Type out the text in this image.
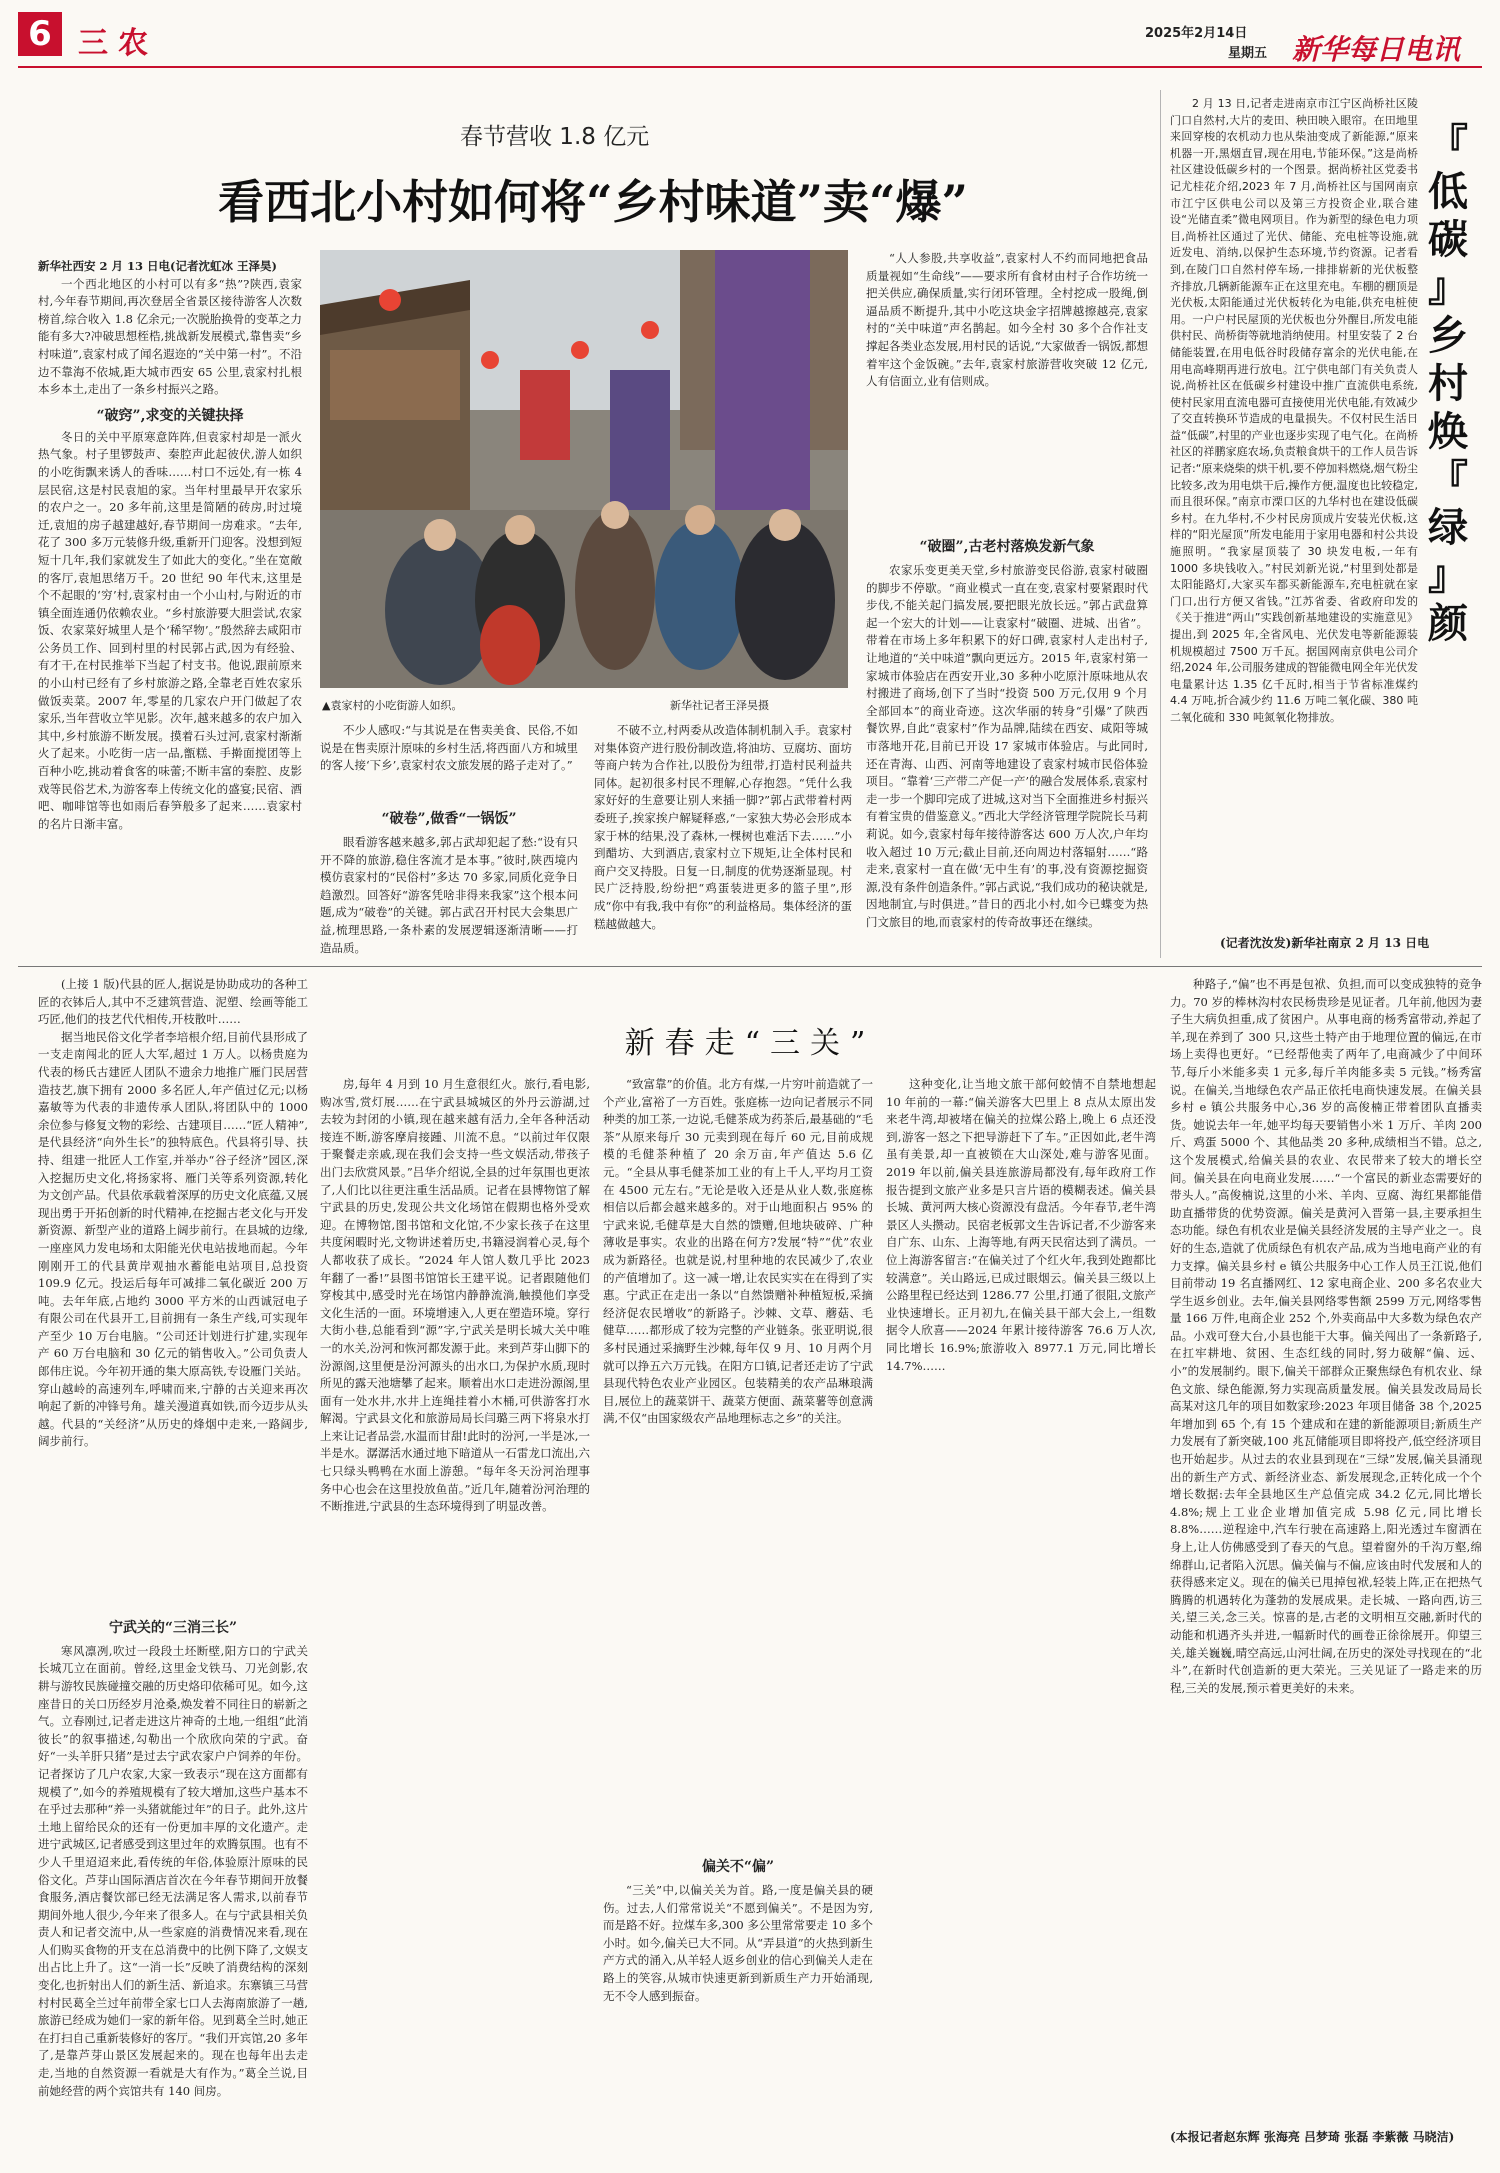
6 三农	2025年2月14日
星期五 新华每日电讯
春节营收 1.8 亿元
看西北小村如何将“乡村味道”卖“爆”
新华社西安 2 月 13 日电(记者沈虹冰 王泽昊)
一个西北地区的小村可以有多“热”?陕西,袁家村,今年春节期间,再次登居全省景区接待游客人次数榜首,综合收入 1.8 亿余元;一次脱胎换骨的变革之力能有多大?冲破思想桎梏,挑战新发展模式,靠售卖“乡村味道”,袁家村成了闻名遐迩的“关中第一村”。不沿边不靠海不依城,距大城市西安 65 公里,袁家村扎根本乡本土,走出了一条乡村振兴之路。
“破窍”,求变的关键抉择
冬日的关中平原寒意阵阵,但袁家村却是一派火热气象。村子里锣鼓声、秦腔声此起彼伏,游人如织的小吃街飘来诱人的香味……村口不远处,有一栋 4 层民宿,这是村民袁旭的家。当年村里最早开农家乐的农户之一。20 多年前,这里是简陋的砖房,时过境迁,袁旭的房子越建越好,春节期间一房难求。“去年,花了 300 多万元装修升级,重新开门迎客。没想到短短十几年,我们家就发生了如此大的变化。”坐在宽敞的客厅,袁旭思绪万千。20 世纪 90 年代末,这里是个不起眼的‘穷’村,袁家村由一个小山村,与附近的市镇全面连通仍依赖农业。“乡村旅游要大胆尝试,农家饭、农家菜好城里人是个‘稀罕物’。”殷然辞去咸阳市公务员工作、回到村里的村民郭占武,因为有经验、有才干,在村民推举下当起了村支书。他说,跟前原来的小山村已经有了乡村旅游之路,全靠老百姓农家乐做饭卖菜。2007 年,零星的几家农户开门做起了农家乐,当年营收立竿见影。次年,越来越多的农户加入其中,乡村旅游不断发展。摸着石头过河,袁家村渐渐火了起来。小吃街一店一品,甑糕、手擀面搅团等上百种小吃,挑动着食客的味蕾;不断丰富的秦腔、皮影戏等民俗艺术,为游客奉上传统文化的盛宴;民宿、酒吧、咖啡馆等也如雨后春笋般多了起来……袁家村的名片日渐丰富。
▲袁家村的小吃街游人如织。	新华社记者王泽昊摄
不少人感叹:“与其说是在售卖美食、民俗,不如说是在售卖原汁原味的乡村生活,将西面八方和城里的客人接‘下乡’,袁家村农文旅发展的路子走对了。”
“破卷”,做香“一锅饭”
眼看游客越来越多,郭占武却犯起了愁:“设有只开不降的旅游,稳住客流才是本事。”彼时,陕西境内模仿袁家村的“民俗村”多达 70 多家,同质化竞争日趋激烈。回答好“游客凭啥非得来我家”这个根本问题,成为“破卷”的关键。郭占武召开村民大会集思广益,梳理思路,一条朴素的发展逻辑逐渐清晰——打造品质。
不破不立,村两委从改造体制机制入手。袁家村对集体资产进行股份制改造,将油坊、豆腐坊、面坊等商户转为合作社,以股份为纽带,打造村民利益共同体。起初很多村民不理解,心存抱怨。“凭什么我家好好的生意要让别人来插一脚?”郭占武带着村两委班子,挨家挨户解疑释惑,“一家独大势必会形成本家于林的结果,没了森林,一棵树也难活下去……”小到醋坊、大到酒店,袁家村立下规矩,让全体村民和商户交叉持股。日复一日,制度的优势逐渐显现。村民广泛持股,纷纷把“鸡蛋装进更多的篮子里”,形成“你中有我,我中有你”的利益格局。集体经济的蛋糕越做越大。
“人人参股,共享收益”,袁家村人不约而同地把食品质量视如“生命线”——要求所有食材由村子合作坊统一把关供应,确保质量,实行闭环管理。全村挖成一股绳,倒逼品质不断提升,其中小吃这块金字招牌越擦越亮,袁家村的“关中味道”声名鹊起。如今全村 30 多个合作社支撑起各类业态发展,用村民的话说,“大家做香一锅饭,都想着牢这个金饭碗。”去年,袁家村旅游营收突破 12 亿元,人有信面立,业有信则成。
“破圈”,古老村落焕发新气象
农家乐变更美天堂,乡村旅游变民俗游,袁家村破圈的脚步不停歇。“商业模式一直在变,袁家村要紧跟时代步伐,不能关起门搞发展,要把眼光放长远。”郭占武盘算起一个宏大的计划——让袁家村“破圈、进城、出省”。带着在市场上多年积累下的好口碑,袁家村人走出村子,让地道的“关中味道”飘向更远方。2015 年,袁家村第一家城市体验店在西安开业,30 多种小吃原汁原味地从农村搬进了商场,创下了当时“投资 500 万元,仅用 9 个月全部回本”的商业奇迹。这次华丽的转身“引爆”了陕西餐饮界,自此“袁家村”作为品牌,陆续在西安、咸阳等城市落地开花,目前已开设 17 家城市体验店。与此同时,还在青海、山西、河南等地建设了袁家村城市民俗体验项目。“靠着‘三产带二产促一产’的融合发展体系,袁家村走一步一个脚印完成了进城,这对当下全面推进乡村振兴有着宝贵的借鉴意义。”西北大学经济管理学院院长马莉莉说。如今,袁家村每年接待游客达 600 万人次,户年均收入超过 10 万元;截止目前,还向周边村落辐射……“路走来,袁家村一直在做‘无中生有’的事,没有资源挖掘资源,没有条件创造条件。”郭占武说,“我们成功的秘诀就是,因地制宜,与时俱进。”昔日的西北小村,如今已蝶变为热门文旅目的地,而袁家村的传奇故事还在继续。
2 月 13 日,记者走进南京市江宁区尚桥社区陵门口自然村,大片的麦田、秧田映入眼帘。在田地里来回穿梭的农机动力也从柴油变成了新能源,“原来机器一开,黑烟直冒,现在用电,节能环保。”这是尚桥社区建设低碳乡村的一个图景。据尚桥社区党委书记尤桂花介绍,2023 年 7 月,尚桥社区与国网南京市江宁区供电公司以及第三方投资企业,联合建设“光储直柔”微电网项目。作为新型的绿色电力项目,尚桥社区通过了光伏、储能、充电桩等设施,就近发电、消纳,以保护生态环境,节约资源。记者看到,在陵门口自然村停车场,一排排崭新的光伏板整齐排放,几辆新能源车正在这里充电。车棚的棚顶是光伏板,太阳能通过光伏板转化为电能,供充电桩使用。一户户村民屋顶的光伏板也分外醒目,所发电能供村民、尚桥街等就地消纳使用。村里安装了 2 台储能装置,在用电低谷时段储存富余的光伏电能,在用电高峰期再进行放电。江宁供电部门有关负责人说,尚桥社区在低碳乡村建设中推广直流供电系统,使村民家用直流电器可直接使用光伏电能,有效减少了交直转换环节造成的电量损失。不仅村民生活日益“低碳”,村里的产业也逐步实现了电气化。在尚桥社区的祥鹏家庭农场,负责粮食烘干的工作人员告诉记者:“原来烧柴的烘干机,要不停加料燃烧,烟气粉尘比较多,改为用电烘干后,操作方便,温度也比较稳定,而且很环保。”南京市溧口区的九华村也在建设低碳乡村。在九华村,不少村民房顶成片安装光伏板,这样的“阳光屋顶”所发电能用于家用电器和村公共设施照明。“我家屋顶装了 30 块发电板,一年有 1000 多块钱收入。”村民刘新光说,“村里到处都是太阳能路灯,大家买车都买新能源车,充电桩就在家门口,出行方便又省钱。”江苏省委、省政府印发的《关于推进“两山”实践创新基地建设的实施意见》提出,到 2025 年,全省风电、光伏发电等新能源装机规模超过 7500 万千瓦。据国网南京供电公司介绍,2024 年,公司服务建成的智能微电网全年光伏发电量累计达 1.35 亿千瓦时,相当于节省标准煤约 4.4 万吨,折合减少约 11.6 万吨二氧化碳、380 吨二氧化硫和 330 吨氮氧化物排放。
『
低
碳
』
乡
村
焕
『
绿
』
颜
(记者沈汝发)新华社南京 2 月 13 日电
新春走“三关”
(上接 1 版)代县的匠人,据说是协助成功的各种工匠的衣钵后人,其中不乏建筑营造、泥塑、绘画等能工巧匠,他们的技艺代代相传,开枝散叶……
据当地民俗文化学者李培根介绍,目前代县形成了一支走南闯北的匠人大军,超过 1 万人。以杨贵庭为代表的杨氏古建匠人团队不遗余力地推广雁门民居营造技艺,旗下拥有 2000 多名匠人,年产值过亿元;以杨嘉敏等为代表的非遗传承人团队,将团队中的 1000 余位参与修复文物的彩绘、古建项目……“匠人精神”,是代县经济“向外生长”的独特底色。代县将引导、扶持、组建一批匠人工作室,并举办“谷子经济”园区,深入挖掘历史文化,将扬家将、雁门关等系列资源,转化为文创产品。代县依承载着深厚的历史文化底蕴,又展现出勇于开拓创新的时代精神,在挖掘古老文化与开发新资源、新型产业的道路上阔步前行。在县城的边缘,一座座风力发电场和太阳能光伏电站拔地而起。今年刚刚开工的代县黄岸观抽水蓄能电站项目,总投资 109.9 亿元。投运后每年可减排二氧化碳近 200 万吨。去年年底,占地约 3000 平方米的山西诚冠电子有限公司在代县开工,目前拥有一条生产线,可实现年产至少 10 万台电脑。“公司还计划进行扩建,实现年产 60 万台电脑和 30 亿元的销售收入。”公司负责人郎伟庄说。今年初开通的集大原高铁,专设雁门关站。穿山越岭的高速列车,呼啸而来,宁静的古关迎来再次响起了新的冲锋号角。雄关漫道真如铁,而今迈步从头越。代县的“关经济”从历史的烽烟中走来,一路阔步,阔步前行。
宁武关的“三消三长”
寒风凛冽,吹过一段段土坯断壁,阳方口的宁武关长城兀立在面前。曾经,这里金戈铁马、刀光剑影,农耕与游牧民族碰撞交融的历史烙印依稀可见。如今,这座昔日的关口历经岁月沧桑,焕发着不同往日的崭新之气。立春刚过,记者走进这片神奇的土地,一组组“此消彼长”的叙事描述,勾勒出一个欣欣向荣的宁武。奋好“一头羊肝只猪”是过去宁武农家户户饲养的年份。记者探访了几户农家,大家一致表示“现在这方面都有规模了”,如今的养殖规模有了较大增加,这些户基本不在乎过去那种“养一头猪就能过年”的日子。此外,这片土地上留给民众的还有一份更加丰厚的文化遗产。走进宁武城区,记者感受到这里过年的欢腾氛围。也有不少人千里迢迢来此,看传统的年俗,体验原汁原味的民俗文化。芦芽山国际酒店首次在今年春节期间开放餐食服务,酒店餐饮部已经无法满足客人需求,以前春节期间外地人很少,今年来了很多人。在与宁武县相关负责人和记者交流中,从一些家庭的消费情况来看,现在人们购买食物的开支在总消费中的比例下降了,文娱支出占比上升了。这“一消一长”反映了消费结构的深刻变化,也折射出人们的新生活、新追求。东寨镇三马营村村民葛全兰过年前带全家七口人去海南旅游了一趟,旅游已经成为她们一家的新年俗。见到葛全兰时,她正在打扫自己重新装修好的客厅。“我们开宾馆,20 多年了,是靠芦芽山景区发展起来的。现在也每年出去走走,当地的自然资源一看就是大有作为。”葛全兰说,目前她经营的两个宾馆共有 140 间房。
房,每年 4 月到 10 月生意很红火。旅行,看电影,购冰雪,赏灯展……在宁武县城城区的外丹云游湖,过去较为封闭的小镇,现在越来越有活力,全年各种活动接连不断,游客摩肩接踵、川流不息。“以前过年仅限于聚餐走亲戚,现在我们会支持一些文娱活动,带孩子出门去欣赏风景。”吕华介绍说,全县的过年氛围也更浓了,人们比以往更注重生活品质。记者在县博物馆了解宁武县的历史,发现公共文化场馆在假期也格外受欢迎。在博物馆,图书馆和文化馆,不少家长孩子在这里共度闲暇时光,文物讲述着历史,书籍浸润着心灵,每个人都收获了成长。“2024 年人馆人数几乎比 2023 年翻了一番!”县图书馆馆长王建平说。记者跟随他们穿梭其中,感受时光在场馆内静静流淌,触摸他们享受文化生活的一面。环境增速入,人更在塑造环境。穿行大街小巷,总能看到“源”字,宁武关是明长城大关中唯一的水关,汾河和恢河都发源于此。来到芦芽山脚下的汾源阁,这里便是汾河源头的出水口,为保护水质,现时所见的露天池塘攀了起来。顺着出水口走进汾源阁,里面有一处水井,水井上连绳挂着小木桶,可供游客打水解渴。宁武县文化和旅游局局长闫璐三两下将泉水打上来让记者品尝,水温而甘甜!此时的汾河,一半是冰,一半是水。潺潺活水通过地下暗道从一石雷龙口流出,六七只绿头鸭鸭在水面上游憩。“每年冬天汾河治理事务中心也会在这里投放鱼苗。”近几年,随着汾河治理的不断推进,宁武县的生态环境得到了明显改善。
“致富靠”的价值。北方有煤,一片穷叶前造就了一个产业,富裕了一方百姓。张庭栋一边向记者展示不同种类的加工茶,一边说,毛健茶成为药茶后,最基础的“毛茶”从原来每斤 30 元卖到现在每斤 60 元,目前成规模的毛健茶种植了 20 余万亩,年产值达 5.6 亿元。“全县从事毛健茶加工业的有上千人,平均月工资在 4500 元左右。”无论是收入还是从业人数,张庭栋相信以后都会越来越多的。对于山地面积占 95% 的宁武来说,毛健草是大自然的馈赠,但地块破碎、广种薄收是事实。农业的出路在何方?发展“特”“优”农业成为新路径。也就是说,村里种地的农民减少了,农业的产值增加了。这一减一增,让农民实实在在得到了实惠。宁武正在走出一条以“自然馈赠补种植短板,采摘经济促农民增收”的新路子。沙棘、文草、蘑菇、毛健草……都形成了较为完整的产业链条。张亚明说,很多村民通过采摘野生沙棘,每年仅 9 月、10 月两个月就可以挣五六万元钱。在阳方口镇,记者还走访了宁武县现代特色农业产业园区。包装精美的农产品琳琅满目,展位上的蔬菜饼干、蔬菜方便面、蔬菜薯等创意满满,不仅“由国家级农产品地理标志之乡”的关注。
偏关不“偏”
“三关”中,以偏关关为首。路,一度是偏关县的硬伤。过去,人们常常说关“不愿到偏关”。不是因为穷,而是路不好。拉煤车多,300 多公里常常要走 10 多个小时。如今,偏关已大不同。从“弄县道”的火热到新生产方式的涌入,从羊轻人返乡创业的信心到偏关人走在路上的笑容,从城市快速更新到新质生产力开始涌现,无不令人感到振奋。
这种变化,让当地文旅干部何蛟情不自禁地想起 10 年前的一幕:“偏关游客大巴里上 8 点从太原出发来老牛湾,却被堵在偏关的拉煤公路上,晚上 6 点还没到,游客一怒之下把导游赶下了车。”正因如此,老牛湾虽有美景,却一直被锁在大山深处,难与游客见面。2019 年以前,偏关县连旅游局都没有,每年政府工作报告提到文旅产业多是只言片语的模糊表述。偏关县长城、黄河两大核心资源没有盘活。今年春节,老牛湾景区人头攒动。民宿老板郭文生告诉记者,不少游客来自广东、山东、上海等地,有两天民宿达到了满员。一位上海游客留言:“在偏关过了个红火年,我到处跑都比较满意”。关山路远,已成过眼烟云。偏关县三级以上公路里程已经达到 1286.77 公里,打通了很阻,文旅产业快速增长。正月初九,在偏关县干部大会上,一组数据令人欣喜——2024 年累计接待游客 76.6 万人次,同比增长 16.9%;旅游收入 8977.1 万元,同比增长 14.7%……
种路子,“偏”也不再是包袱、负担,而可以变成独特的竞争力。70 岁的棒林沟村农民杨贵珍是见证者。几年前,他因为妻子生大病负担重,成了贫困户。从事电商的杨秀富带动,养起了羊,现在养到了 300 只,这些土特产由于地理位置的偏远,在市场上卖得也更好。“已经帮他卖了两年了,电商减少了中间环节,每斤小米能多卖 1 元多,每斤羊肉能多卖 5 元钱。”杨秀富说。在偏关,当地绿色农产品正依托电商快速发展。在偏关县乡村 e 镇公共服务中心,36 岁的高俊楠正带着团队直播卖货。她说去年一年,她平均每天要销售小米 1 万斤、羊肉 200 斤、鸡蛋 5000 个、其他品类 20 多种,成绩相当不错。总之,这个发展模式,给偏关县的农业、农民带来了较大的增长空间。偏关县在向电商业发展……“一个富民的新业态需要好的带头人。”高俊楠说,这里的小米、羊肉、豆腐、海红果都能借助直播带货的优势资源。偏关是黄河入晋第一县,主要承担生态功能。绿色有机农业是偏关县经济发展的主导产业之一。良好的生态,造就了优质绿色有机农产品,成为当地电商产业的有力支撑。偏关县乡村 e 镇公共服务中心工作人员王江说,他们目前带动 19 名直播网红、12 家电商企业、200 多名农业大学生返乡创业。去年,偏关县网络零售额 2599 万元,网络零售量 166 万件,电商企业 252 个,外卖商品中大多数为绿色农产品。小戏可登大台,小县也能干大事。偏关闯出了一条新路子,在扛牢耕地、贫困、生态红线的同时,努力破解“偏、远、小”的发展制约。眼下,偏关干部群众正聚焦绿色有机农业、绿色文旅、绿色能源,努力实现高质量发展。偏关县发改局局长高某对这几年的项目如数家珍:2023 年项目储备 38 个,2025 年增加到 65 个,有 15 个建成和在建的新能源项目;新质生产力发展有了新突破,100 兆瓦储能项目即将投产,低空经济项目也开始起步。从过去的农业县到现在“三绿”发展,偏关县涌现出的新生产方式、新经济业态、新发展现念,正转化成一个个增长数据:去年全县地区生产总值完成 34.2 亿元,同比增长 4.8%;规上工业企业增加值完成 5.98 亿元,同比增长 8.8%……逆程途中,汽车行驶在高速路上,阳光透过车窗洒在身上,让人仿佛感受到了春天的气息。望着窗外的千沟万壑,绵绵群山,记者陷入沉思。偏关偏与不偏,应该由时代发展和人的获得感来定义。现在的偏关已甩掉包袱,轻装上阵,正在把热气腾腾的机遇转化为蓬勃的发展成果。走长城、一路向西,访三关,望三关,念三关。惊喜的是,古老的文明相互交融,新时代的动能和机遇齐头并进,一幅新时代的画卷正徐徐展开。仰望三关,雄关巍巍,晴空高远,山河壮阔,在历史的深处寻找现在的“北斗”,在新时代创造新的更大荣光。三关见证了一路走来的历程,三关的发展,预示着更美好的未来。
(本报记者赵东辉 张海亮 吕梦琦 张磊 李紫薇 马晓洁)
